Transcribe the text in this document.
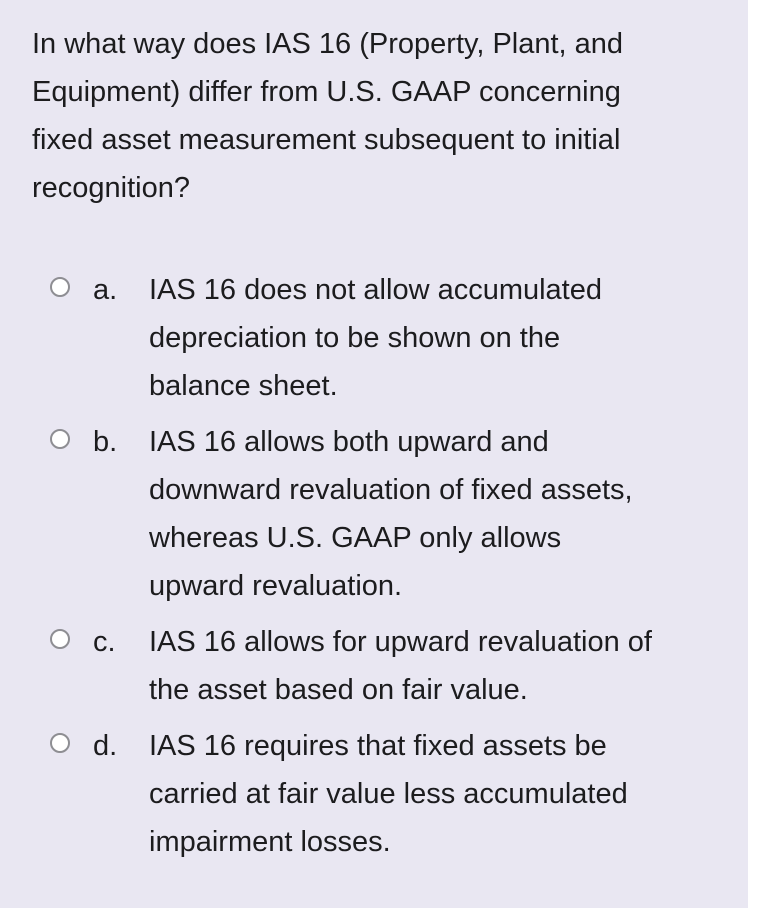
In what way does IAS 16 (Property, Plant, and
Equipment) differ from U.S. GAAP concerning
fixed asset measurement subsequent to initial
recognition?

a. IAS 16 does not allow accumulated
depreciation to be shown on the
balance sheet.
b. IAS 16 allows both upward and
downward revaluation of fixed assets,
whereas U.S. GAAP only allows
upward revaluation.
c. IAS 16 allows for upward revaluation of
the asset based on fair value.
d. IAS 16 requires that fixed assets be
carried at fair value less accumulated
impairment losses.
